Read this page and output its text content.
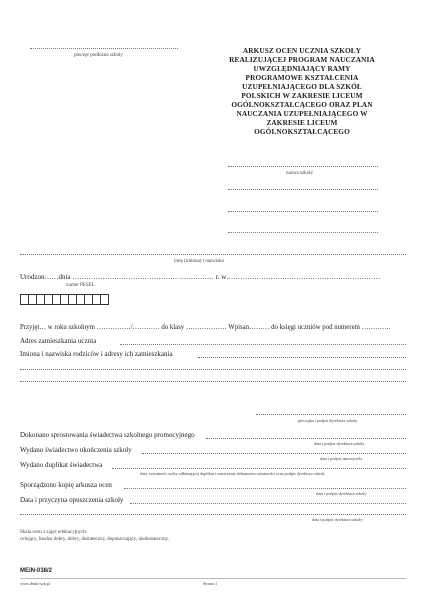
pieczęć podłużna szkoły
ARKUSZ OCEN UCZNIA SZKOŁY REALIZUJĄCEJ PROGRAM NAUCZANIA UWZGLĘDNIAJĄCY RAMY PROGRAMOWE KSZTAŁCENIA UZUPEŁNIAJĄCEGO DLA SZKÓŁ POLSKICH W ZAKRESIE LICEUM OGÓLNOKSZTAŁCĄCEGO ORAZ PLAN NAUCZANIA UZUPEŁNIAJĄCEGO W ZAKRESIE LICEUM OGÓLNOKSZTAŁCĄCEGO
nazwa szkoły
imię (imiona) i nazwisko
Urodzon……dnia ……………………………………… …………… r. w…………………………………………………………
numer PESEL
Przyjęt… w roku szkolnym ……………/………… do klasy ……………… Wpisan……… do księgi uczniów pod numerem ………….
Adres zamieszkania ucznia
Imiona i nazwiska rodziców i adresy ich zamieszkania
pieczątka i podpis dyrektora szkoły
Dokonano sprostowania świadectwa szkolnego promocyjnego
data i podpis dyrektora szkoły
Wydano świadectwo ukończenia szkoły
data i podpis nauczyciela
Wydano duplikat świadectwa
data, tożsamość osoby odbierającej duplikat i oznaczenie dokumentu tożsamości oraz podpis dyrektora szkoły
Sporządzono kopię arkusza ocen
data i podpis dyrektora szkoły
Data i przyczyna opuszczenia szkoły
data i podpis dyrektora szkoły
Skala ocen z zajęć edukacyjnych:
celujący, bardzo dobry, dobry, dostateczny, dopuszczający, niedostateczny.
MEiN-I/38/2
www.druki-szk.pl	Strona 1
